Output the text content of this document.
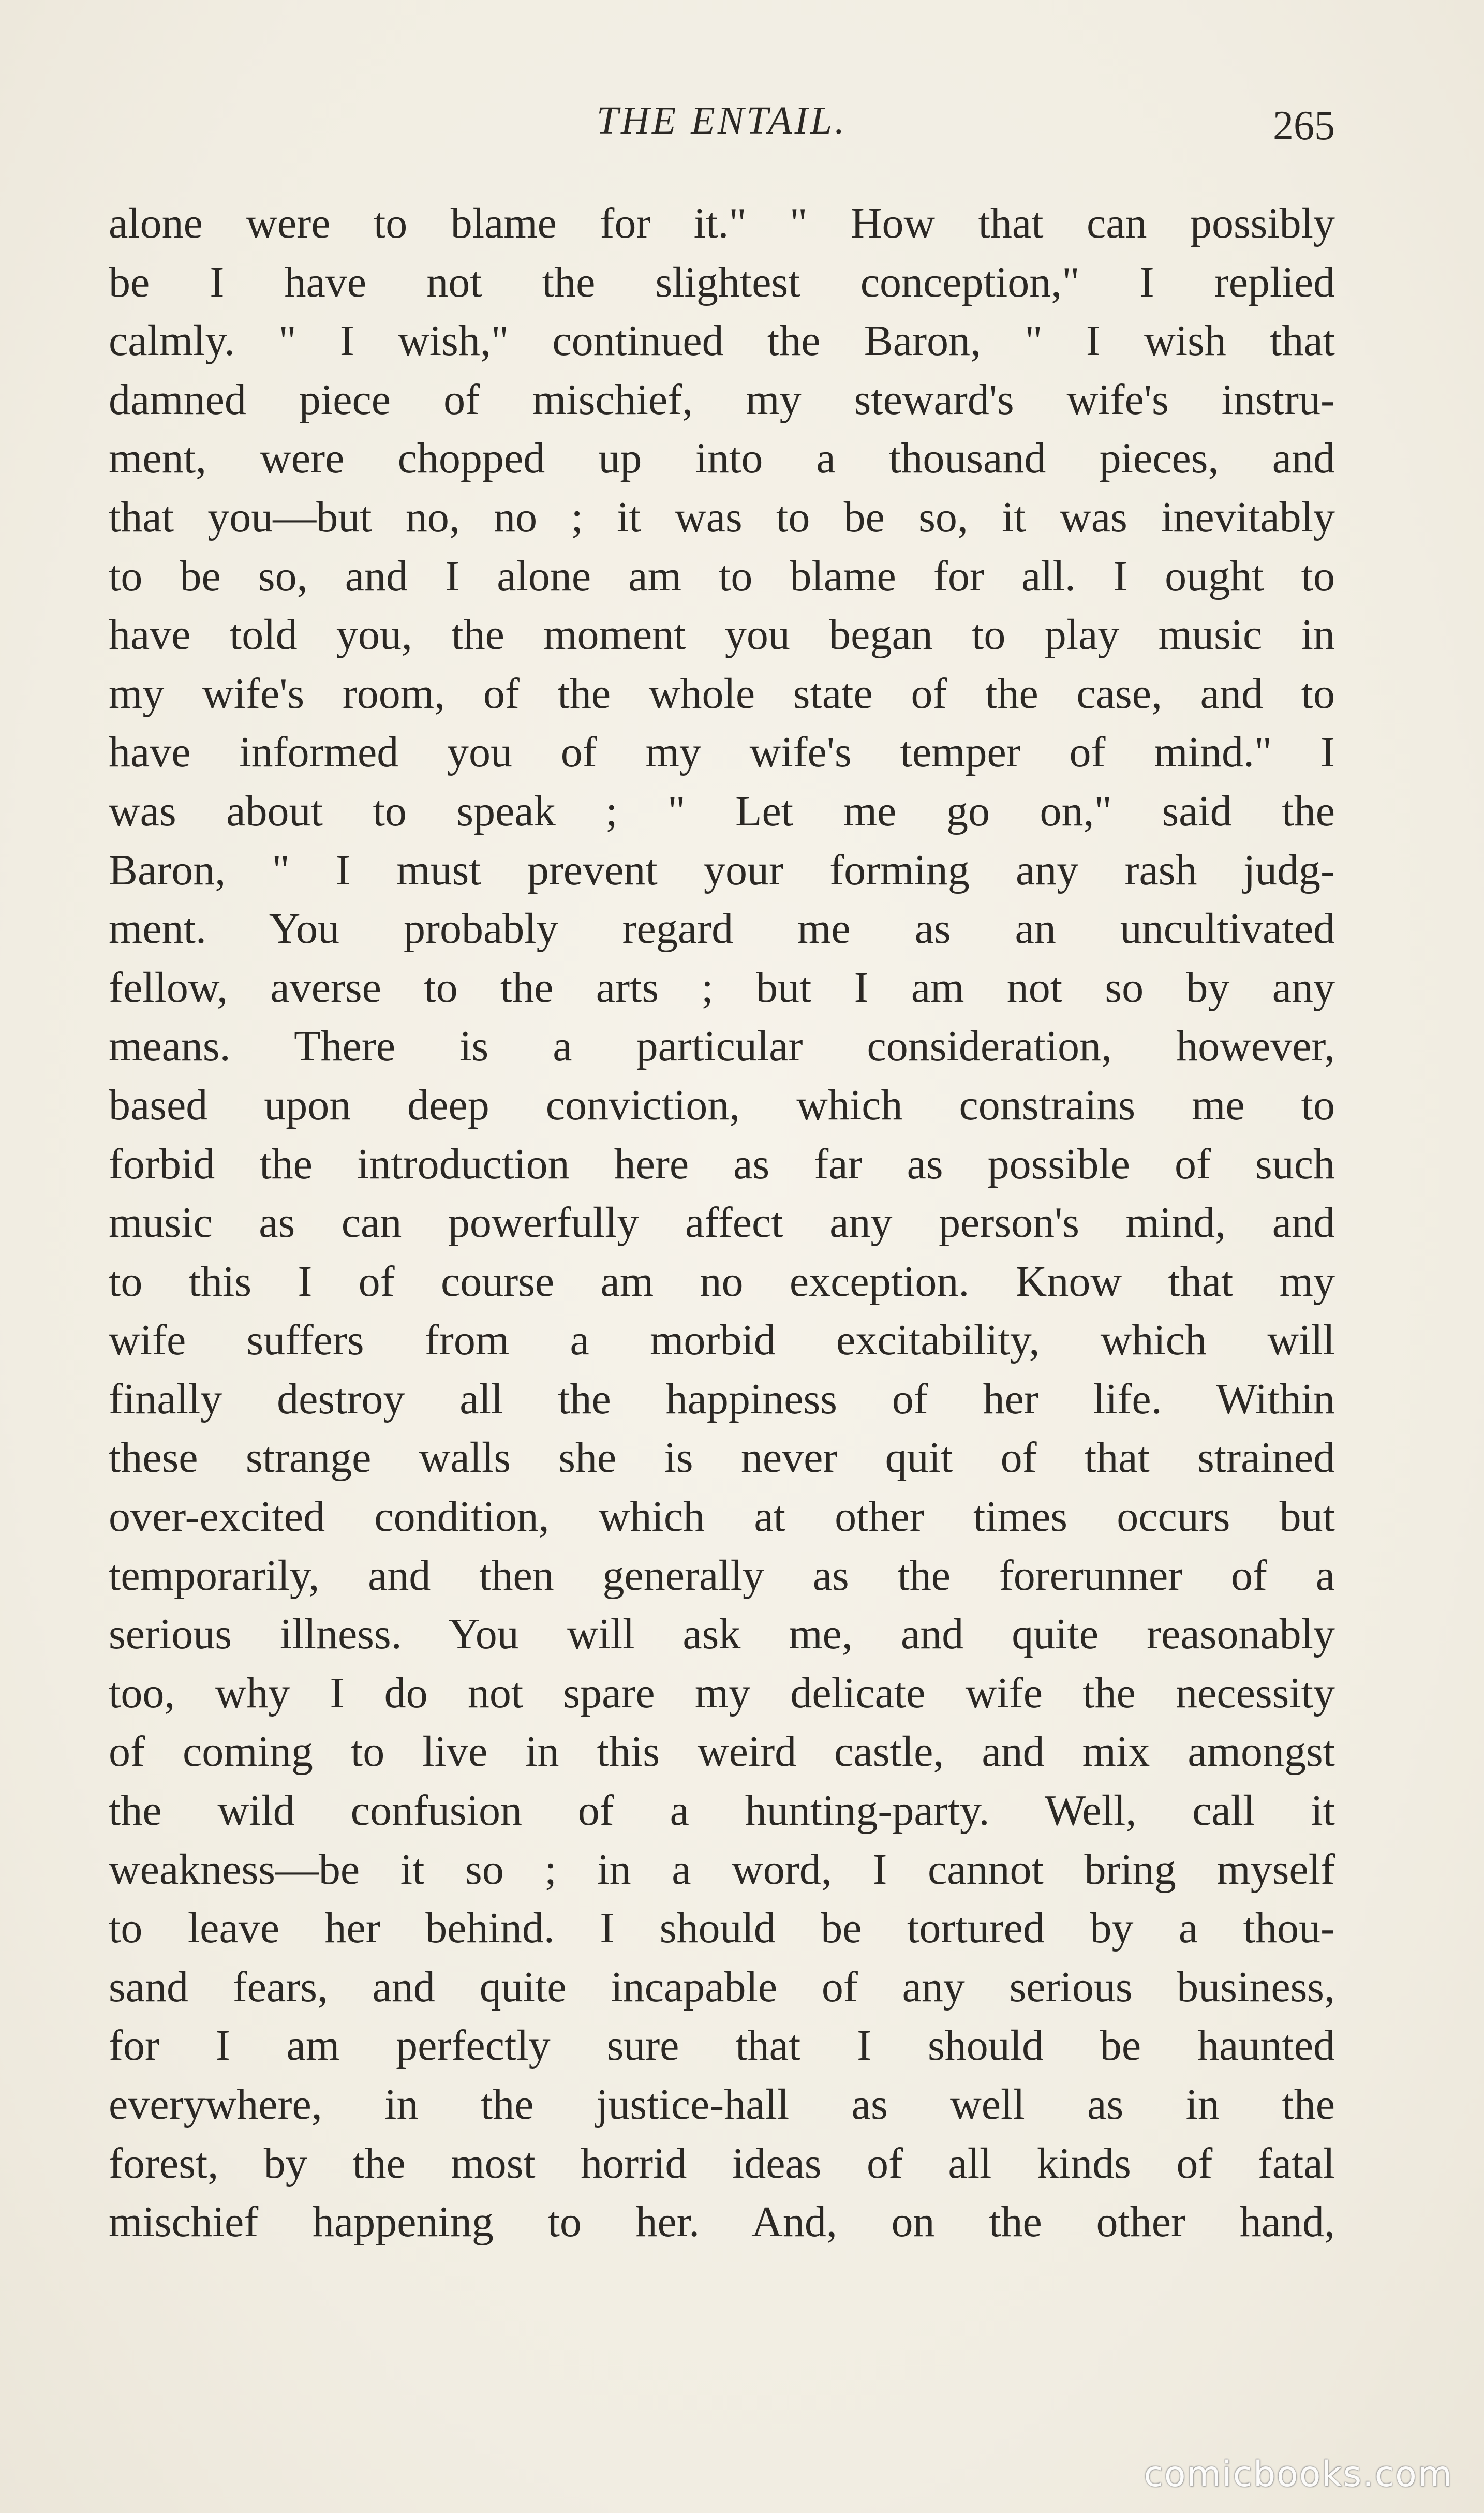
THE ENTAIL.	265
alone were to blame for it." " How that can possibly
be I have not the slightest conception," I replied
calmly. " I wish," continued the Baron, " I wish that
damned piece of mischief, my steward's wife's instru-
ment, were chopped up into a thousand pieces, and
that you—but no, no ; it was to be so, it was inevitably
to be so, and I alone am to blame for all. I ought to
have told you, the moment you began to play music in
my wife's room, of the whole state of the case, and to
have informed you of my wife's temper of mind." I
was about to speak ; " Let me go on," said the
Baron, " I must prevent your forming any rash judg-
ment. You probably regard me as an uncultivated
fellow, averse to the arts ; but I am not so by any
means. There is a particular consideration, however,
based upon deep conviction, which constrains me to
forbid the introduction here as far as possible of such
music as can powerfully affect any person's mind, and
to this I of course am no exception. Know that my
wife suffers from a morbid excitability, which will
finally destroy all the happiness of her life. Within
these strange walls she is never quit of that strained
over-excited condition, which at other times occurs but
temporarily, and then generally as the forerunner of a
serious illness. You will ask me, and quite reasonably
too, why I do not spare my delicate wife the necessity
of coming to live in this weird castle, and mix amongst
the wild confusion of a hunting-party. Well, call it
weakness—be it so ; in a word, I cannot bring myself
to leave her behind. I should be tortured by a thou-
sand fears, and quite incapable of any serious business,
for I am perfectly sure that I should be haunted
everywhere, in the justice-hall as well as in the
forest, by the most horrid ideas of all kinds of fatal
mischief happening to her. And, on the other hand,
comicbooks.com
